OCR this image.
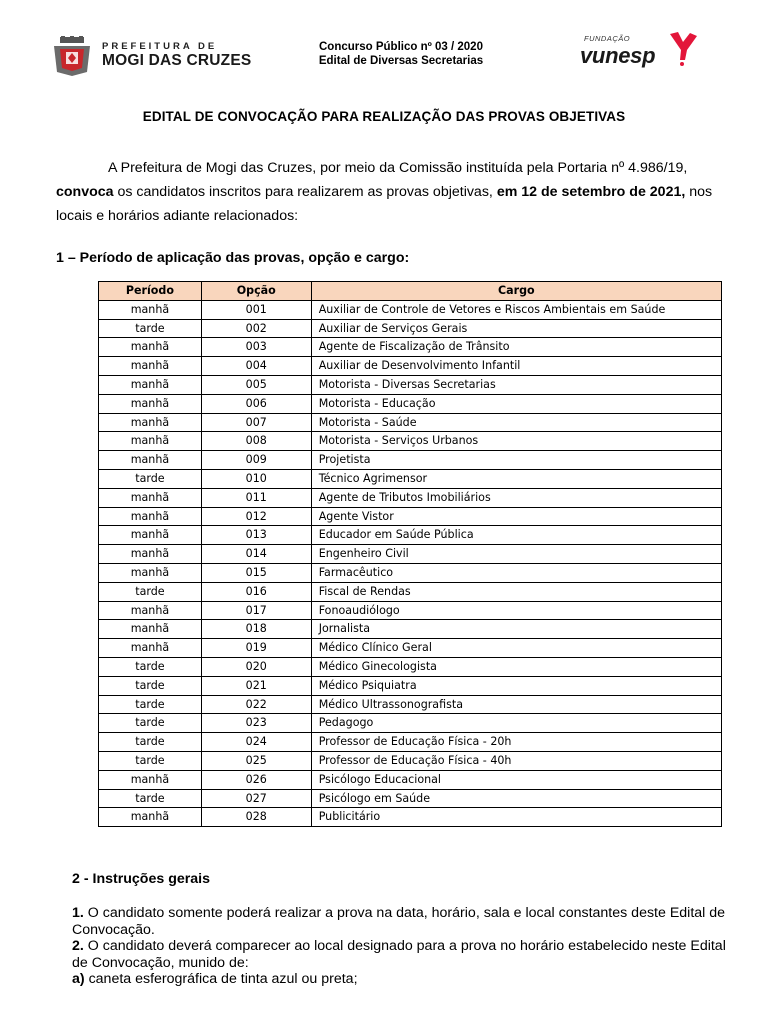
PREFEITURA DE
MOGI DAS CRUZES
Concurso Público nº 03 / 2020
Edital de Diversas Secretarias
FUNDAÇÃO
vunesp
EDITAL DE CONVOCAÇÃO PARA REALIZAÇÃO DAS PROVAS OBJETIVAS
A Prefeitura de Mogi das Cruzes, por meio da Comissão instituída pela Portaria nº 4.986/19, convoca os candidatos inscritos para realizarem as provas objetivas, em 12 de setembro de 2021, nos locais e horários adiante relacionados:
1 – Período de aplicação das provas, opção e cargo:
Período	Opção	Cargo
manhã	001	Auxiliar de Controle de Vetores e Riscos Ambientais em Saúde
tarde	002	Auxiliar de Serviços Gerais
manhã	003	Agente de Fiscalização de Trânsito
manhã	004	Auxiliar de Desenvolvimento Infantil
manhã	005	Motorista - Diversas Secretarias
manhã	006	Motorista - Educação
manhã	007	Motorista - Saúde
manhã	008	Motorista - Serviços Urbanos
manhã	009	Projetista
tarde	010	Técnico Agrimensor
manhã	011	Agente de Tributos Imobiliários
manhã	012	Agente Vistor
manhã	013	Educador em Saúde Pública
manhã	014	Engenheiro Civil
manhã	015	Farmacêutico
tarde	016	Fiscal de Rendas
manhã	017	Fonoaudiólogo
manhã	018	Jornalista
manhã	019	Médico Clínico Geral
tarde	020	Médico Ginecologista
tarde	021	Médico Psiquiatra
tarde	022	Médico Ultrassonografista
tarde	023	Pedagogo
tarde	024	Professor de Educação Física - 20h
tarde	025	Professor de Educação Física - 40h
manhã	026	Psicólogo Educacional
tarde	027	Psicólogo em Saúde
manhã	028	Publicitário
2 - Instruções gerais

1. O candidato somente poderá realizar a prova na data, horário, sala e local constantes deste Edital de Convocação.

2. O candidato deverá comparecer ao local designado para a prova no horário estabelecido neste Edital de Convocação, munido de:

a) caneta esferográfica de tinta azul ou preta;
